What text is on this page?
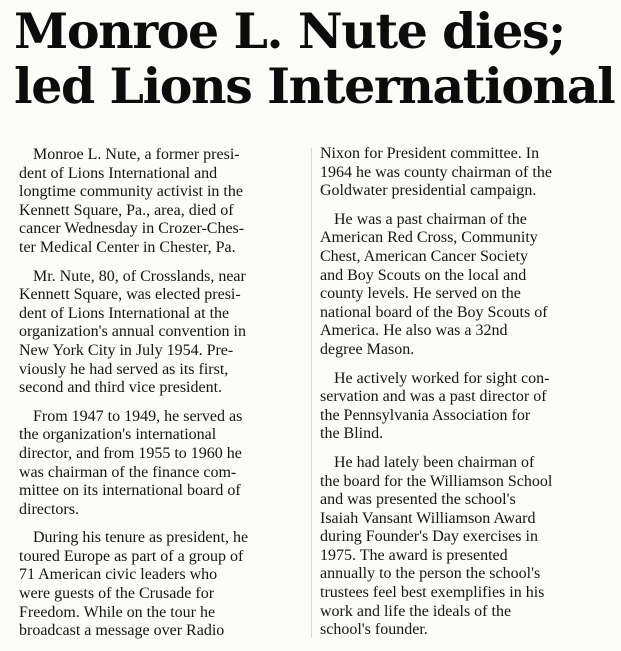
Monroe L. Nute dies;
led Lions International

Monroe L. Nute, a former presi-
dent of Lions International and
longtime community activist in the
Kennett Square, Pa., area, died of
cancer Wednesday in Crozer-Ches-
ter Medical Center in Chester, Pa.

Mr. Nute, 80, of Crosslands, near
Kennett Square, was elected presi-
dent of Lions International at the
organization's annual convention in
New York City in July 1954. Pre-
viously he had served as its first,
second and third vice president.

From 1947 to 1949, he served as
the organization's international
director, and from 1955 to 1960 he
was chairman of the finance com-
mittee on its international board of
directors.

During his tenure as president, he
toured Europe as part of a group of
71 American civic leaders who
were guests of the Crusade for
Freedom. While on the tour he
broadcast a message over Radio

Nixon for President committee. In
1964 he was county chairman of the
Goldwater presidential campaign.

He was a past chairman of the
American Red Cross, Community
Chest, American Cancer Society
and Boy Scouts on the local and
county levels. He served on the
national board of the Boy Scouts of
America. He also was a 32nd
degree Mason.

He actively worked for sight con-
servation and was a past director of
the Pennsylvania Association for
the Blind.

He had lately been chairman of
the board for the Williamson School
and was presented the school's
Isaiah Vansant Williamson Award
during Founder's Day exercises in
1975. The award is presented
annually to the person the school's
trustees feel best exemplifies in his
work and life the ideals of the
school's founder.
